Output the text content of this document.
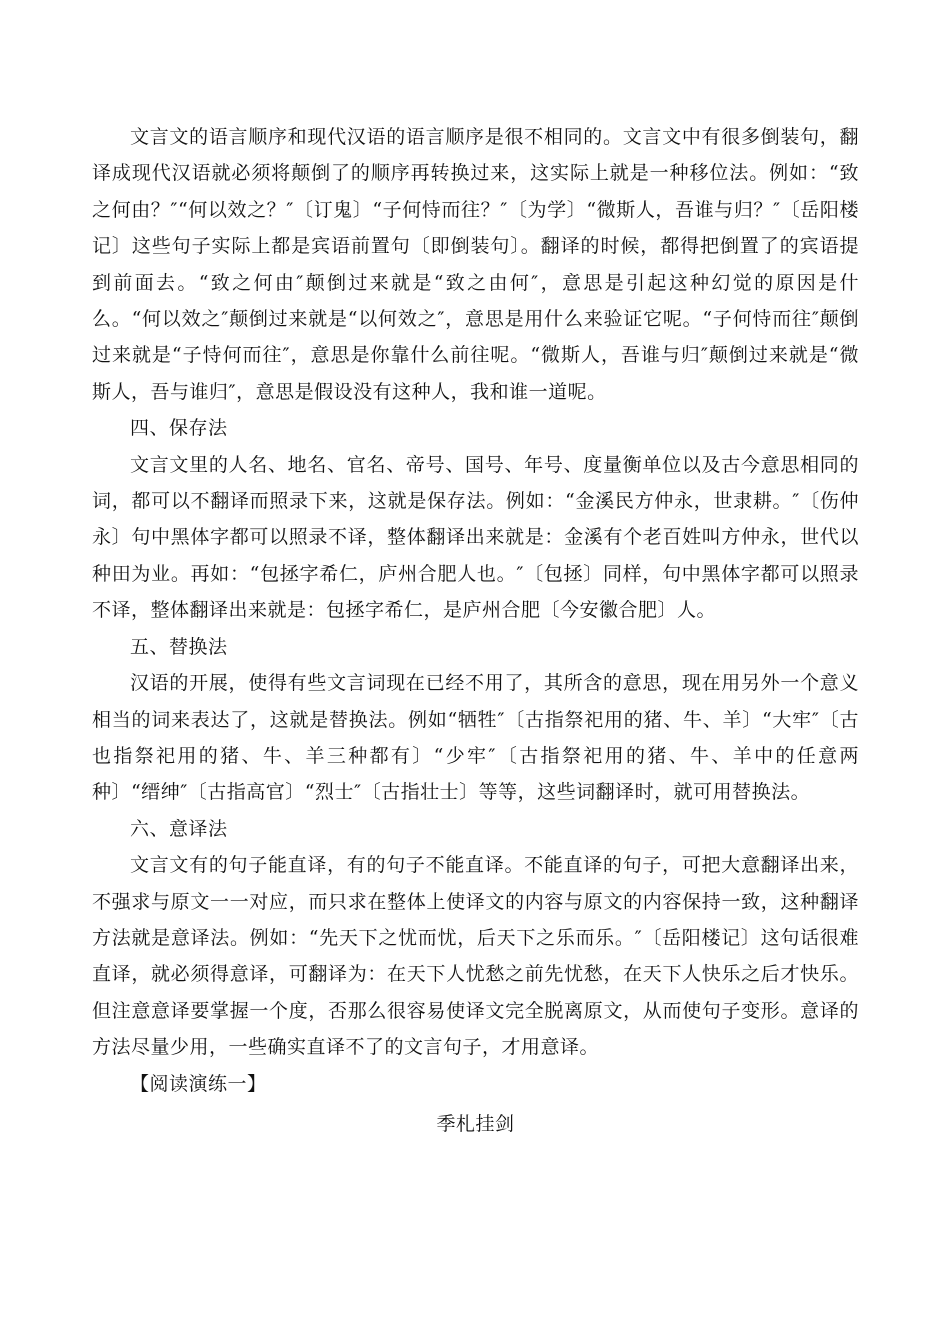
文言文的语言顺序和现代汉语的语言顺序是很不相同的。文言文中有很多倒装句，翻译成现代汉语就必须将颠倒了的顺序再转换过来，这实际上就是一种移位法。例如：“致之何由？″“何以效之？″〔订鬼〕“子何恃而往？″〔为学〕“微斯人，吾谁与归？″〔岳阳楼记〕这些句子实际上都是宾语前置句〔即倒装句〕。翻译的时候，都得把倒置了的宾语提到前面去。“致之何由″颠倒过来就是“致之由何″，意思是引起这种幻觉的原因是什么。“何以效之″颠倒过来就是“以何效之″，意思是用什么来验证它呢。“子何恃而往″颠倒过来就是“子恃何而往″，意思是你靠什么前往呢。“微斯人，吾谁与归″颠倒过来就是“微斯人，吾与谁归″，意思是假设没有这种人，我和谁一道呢。

四、保存法

文言文里的人名、地名、官名、帝号、国号、年号、度量衡单位以及古今意思相同的词，都可以不翻译而照录下来，这就是保存法。例如：“金溪民方仲永，世隶耕。″〔伤仲永〕句中黑体字都可以照录不译，整体翻译出来就是：金溪有个老百姓叫方仲永，世代以种田为业。再如：“包拯字希仁，庐州合肥人也。″〔包拯〕同样，句中黑体字都可以照录不译，整体翻译出来就是：包拯字希仁，是庐州合肥〔今安徽合肥〕人。

五、替换法

汉语的开展，使得有些文言词现在已经不用了，其所含的意思，现在用另外一个意义相当的词来表达了，这就是替换法。例如“牺牲″〔古指祭祀用的猪、牛、羊〕“大牢″〔古也指祭祀用的猪、牛、羊三种都有〕“少牢″〔古指祭祀用的猪、牛、羊中的任意两种〕“缙绅″〔古指高官〕“烈士″〔古指壮士〕等等，这些词翻译时，就可用替换法。

六、意译法

文言文有的句子能直译，有的句子不能直译。不能直译的句子，可把大意翻译出来，不强求与原文一一对应，而只求在整体上使译文的内容与原文的内容保持一致，这种翻译方法就是意译法。例如：“先天下之忧而忧，后天下之乐而乐。″〔岳阳楼记〕这句话很难直译，就必须得意译，可翻译为：在天下人忧愁之前先忧愁，在天下人快乐之后才快乐。但注意意译要掌握一个度，否那么很容易使译文完全脱离原文，从而使句子变形。意译的方法尽量少用，一些确实直译不了的文言句子，才用意译。

【阅读演练一】

季札挂剑
